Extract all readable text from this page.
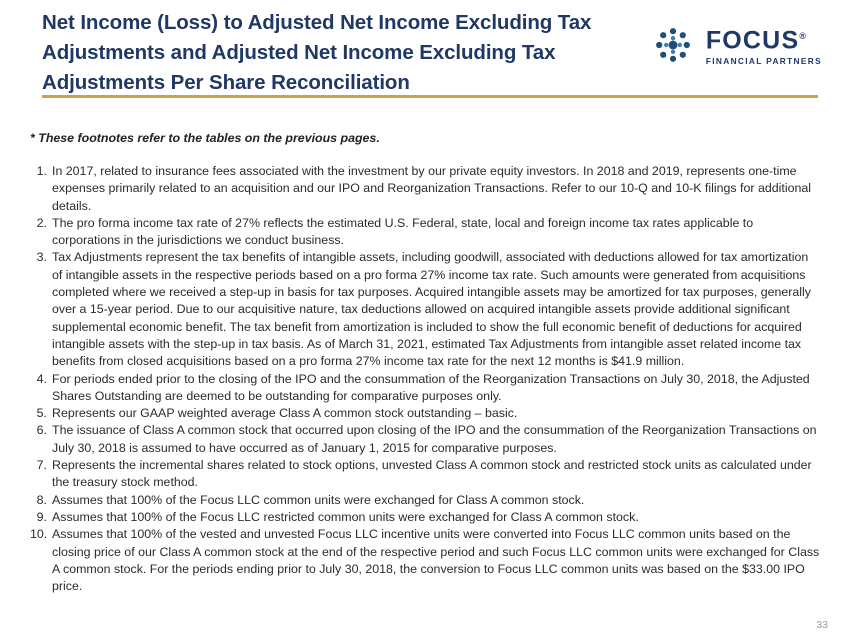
Net Income (Loss) to Adjusted Net Income Excluding Tax Adjustments and Adjusted Net Income Excluding Tax Adjustments Per Share Reconciliation
FOCUS®
FINANCIAL PARTNERS
* These footnotes refer to the tables on the previous pages.
1. In 2017, related to insurance fees associated with the investment by our private equity investors. In 2018 and 2019, represents one-time expenses primarily related to an acquisition and our IPO and Reorganization Transactions. Refer to our 10-Q and 10-K filings for additional details.
2. The pro forma income tax rate of 27% reflects the estimated U.S. Federal, state, local and foreign income tax rates applicable to corporations in the jurisdictions we conduct business.
3. Tax Adjustments represent the tax benefits of intangible assets, including goodwill, associated with deductions allowed for tax amortization of intangible assets in the respective periods based on a pro forma 27% income tax rate. Such amounts were generated from acquisitions completed where we received a step-up in basis for tax purposes. Acquired intangible assets may be amortized for tax purposes, generally over a 15-year period. Due to our acquisitive nature, tax deductions allowed on acquired intangible assets provide additional significant supplemental economic benefit. The tax benefit from amortization is included to show the full economic benefit of deductions for acquired intangible assets with the step-up in tax basis. As of March 31, 2021, estimated Tax Adjustments from intangible asset related income tax benefits from closed acquisitions based on a pro forma 27% income tax rate for the next 12 months is $41.9 million.
4. For periods ended prior to the closing of the IPO and the consummation of the Reorganization Transactions on July 30, 2018, the Adjusted Shares Outstanding are deemed to be outstanding for comparative purposes only.
5. Represents our GAAP weighted average Class A common stock outstanding – basic.
6. The issuance of Class A common stock that occurred upon closing of the IPO and the consummation of the Reorganization Transactions on July 30, 2018 is assumed to have occurred as of January 1, 2015 for comparative purposes.
7. Represents the incremental shares related to stock options, unvested Class A common stock and restricted stock units as calculated under the treasury stock method.
8. Assumes that 100% of the Focus LLC common units were exchanged for Class A common stock.
9. Assumes that 100% of the Focus LLC restricted common units were exchanged for Class A common stock.
10. Assumes that 100% of the vested and unvested Focus LLC incentive units were converted into Focus LLC common units based on the closing price of our Class A common stock at the end of the respective period and such Focus LLC common units were exchanged for Class A common stock. For the periods ending prior to July 30, 2018, the conversion to Focus LLC common units was based on the $33.00 IPO price.
33
